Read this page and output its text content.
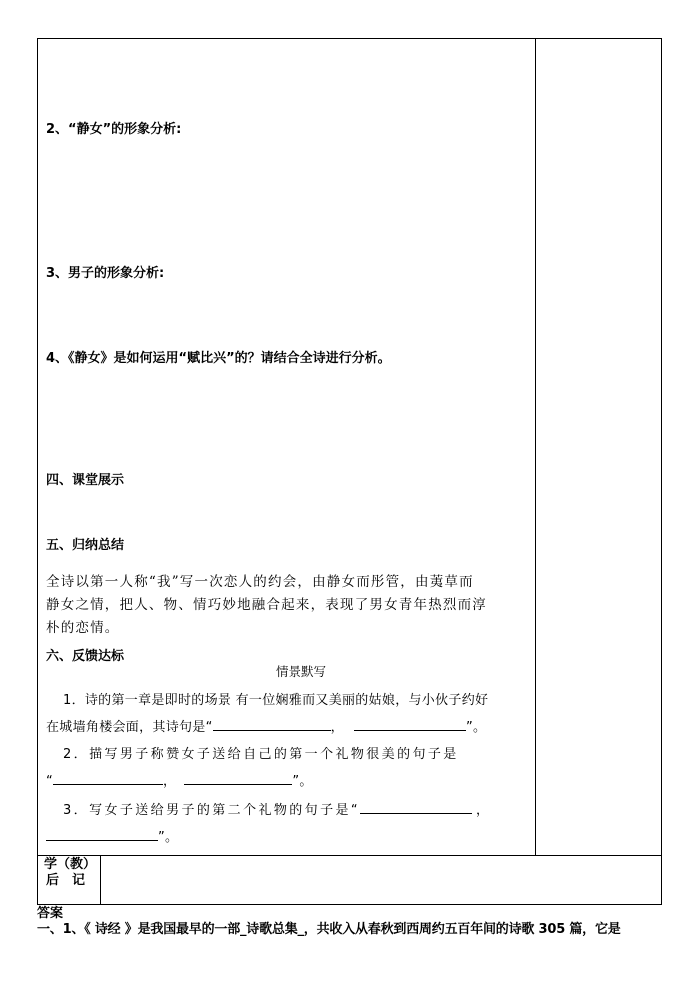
2、“静女”的形象分析:
3、男子的形象分析:
4、《静女》是如何运用“赋比兴”的？请结合全诗进行分析。
四、课堂展示
五、归纳总结
全诗以第一人称“我”写一次恋人的约会，由静女而彤管，由荑草而
静女之情，把人、物、情巧妙地融合起来，表现了男女青年热烈而淳
朴的恋情。
六、反馈达标
情景默写
1．诗的第一章是即时的场景 有一位娴雅而又美丽的姑娘，与小伙子约好
在城墙角楼会面，其诗句是“	，	”。
2．描写男子称赞女子送给自己的第一个礼物很美的句子是
“	，	”。
3．写女子送给男子的第二个礼物的句子是“	，
”。
学（教）
后　记
答案
一、1、《 诗经 》是我国最早的一部_诗歌总集_，共收入从春秋到西周约五百年间的诗歌 305 篇，它是
